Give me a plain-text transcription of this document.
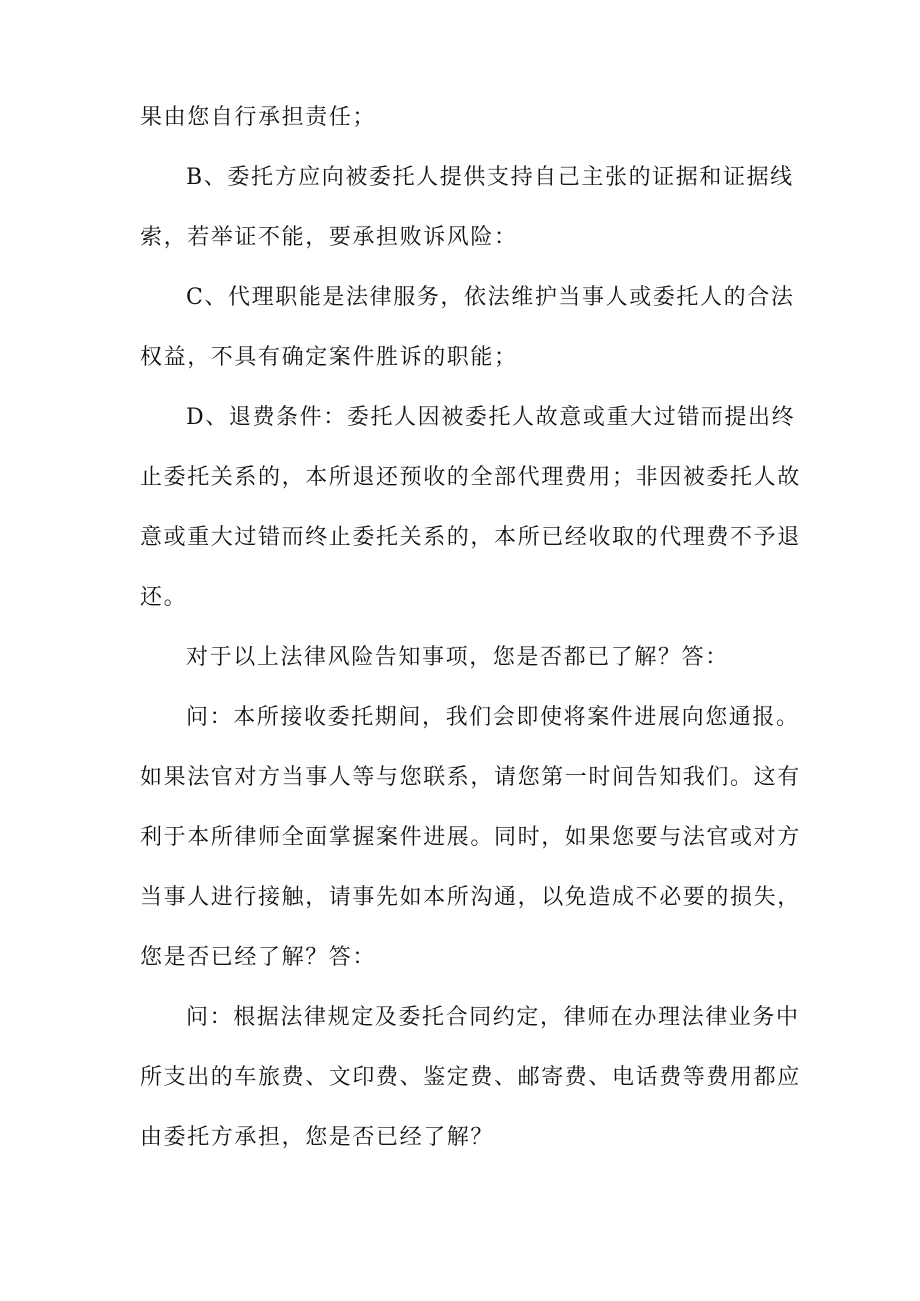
果由您自行承担责任；
B、委托方应向被委托人提供支持自己主张的证据和证据线
索，若举证不能，要承担败诉风险：
C、代理职能是法律服务，依法维护当事人或委托人的合法
权益，不具有确定案件胜诉的职能；
D、退费条件：委托人因被委托人故意或重大过错而提出终
止委托关系的，本所退还预收的全部代理费用；非因被委托人故
意或重大过错而终止委托关系的，本所已经收取的代理费不予退
还。
对于以上法律风险告知事项，您是否都已了解？答：
问：本所接收委托期间，我们会即使将案件进展向您通报。
如果法官对方当事人等与您联系，请您第一时间告知我们。这有
利于本所律师全面掌握案件进展。同时，如果您要与法官或对方
当事人进行接触，请事先如本所沟通，以免造成不必要的损失，
您是否已经了解？答：
问：根据法律规定及委托合同约定，律师在办理法律业务中
所支出的车旅费、文印费、鉴定费、邮寄费、电话费等费用都应
由委托方承担，您是否已经了解？
